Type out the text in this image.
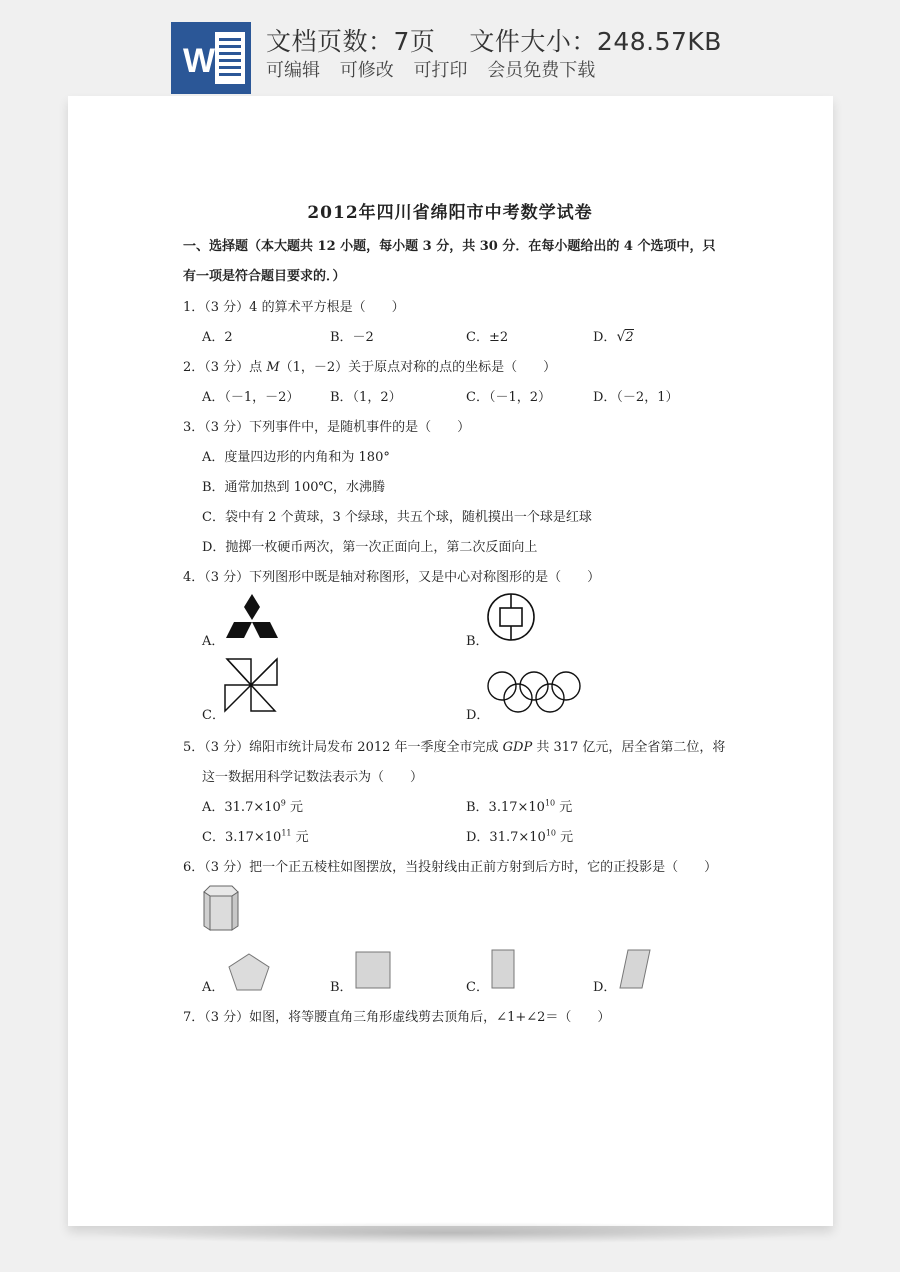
W
文档页数：7页 文件大小：248.57KB
可编辑 可修改 可打印 会员免费下载
2012年四川省绵阳市中考数学试卷
一、选择题（本大题共 12 小题，每小题 3 分，共 30 分．在每小题给出的 4 个选项中，只
有一项是符合题目要求的．）
1．（3 分）4 的算术平方根是（　　）
A．2	B．－2	C．±2	D．√2
2．（3 分）点 M（1，－2）关于原点对称的点的坐标是（　　）
A．（－1，－2） B．（1，2）	C．（－1，2）	D．（－2，1）
3．（3 分）下列事件中，是随机事件的是（　　）
A．度量四边形的内角和为 180°
B．通常加热到 100℃，水沸腾
C．袋中有 2 个黄球，3 个绿球，共五个球，随机摸出一个球是红球
D．抛掷一枚硬币两次，第一次正面向上，第二次反面向上
4．（3 分）下列图形中既是轴对称图形，又是中心对称图形的是（　　）
A．	B．
C．	D．
5．（3 分）绵阳市统计局发布 2012 年一季度全市完成 GDP 共 317 亿元，居全省第二位，将
这一数据用科学记数法表示为（　　）
A．$31.7\times 10^9$ 元	B．$3.17\times 10^{10}$ 元
C．$3.17\times 10^{11}$ 元	D．$31.7\times 10^{10}$ 元
6．（3 分）把一个正五棱柱如图摆放，当投射线由正前方射到后方时，它的正投影是（　　）
A．	B．	C．	D．
7．（3 分）如图，将等腰直角三角形虚线剪去顶角后，∠1+∠2＝（　　）
